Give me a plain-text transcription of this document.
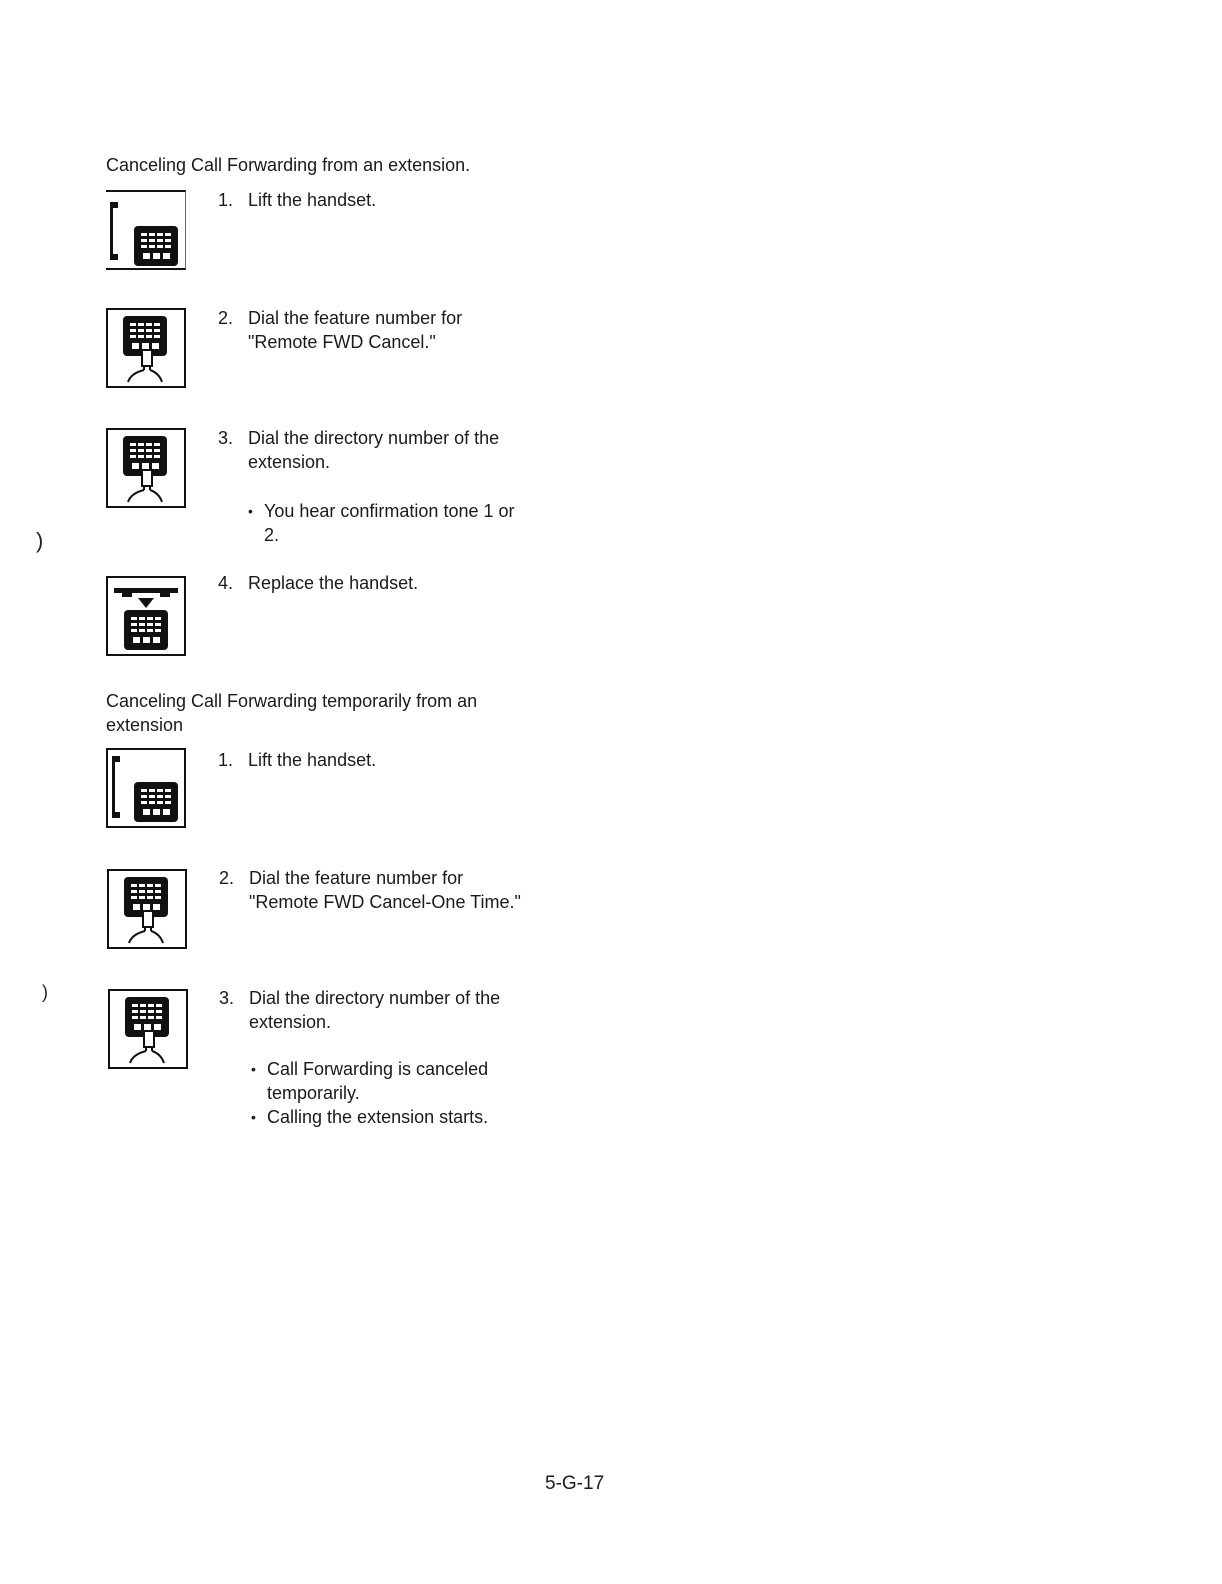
Canceling Call Forwarding from an extension.
1. Lift the handset.
2. Dial the feature number for
"Remote FWD Cancel."
3. Dial the directory number of the
extension.
• You hear confirmation tone 1 or
2.
4. Replace the handset.
Canceling Call Forwarding temporarily from an
extension
1. Lift the handset.
2. Dial the feature number for
"Remote FWD Cancel-One Time."
3. Dial the directory number of the
extension.
• Call Forwarding is canceled
temporarily.
• Calling the extension starts.
)
)
5-G-17
